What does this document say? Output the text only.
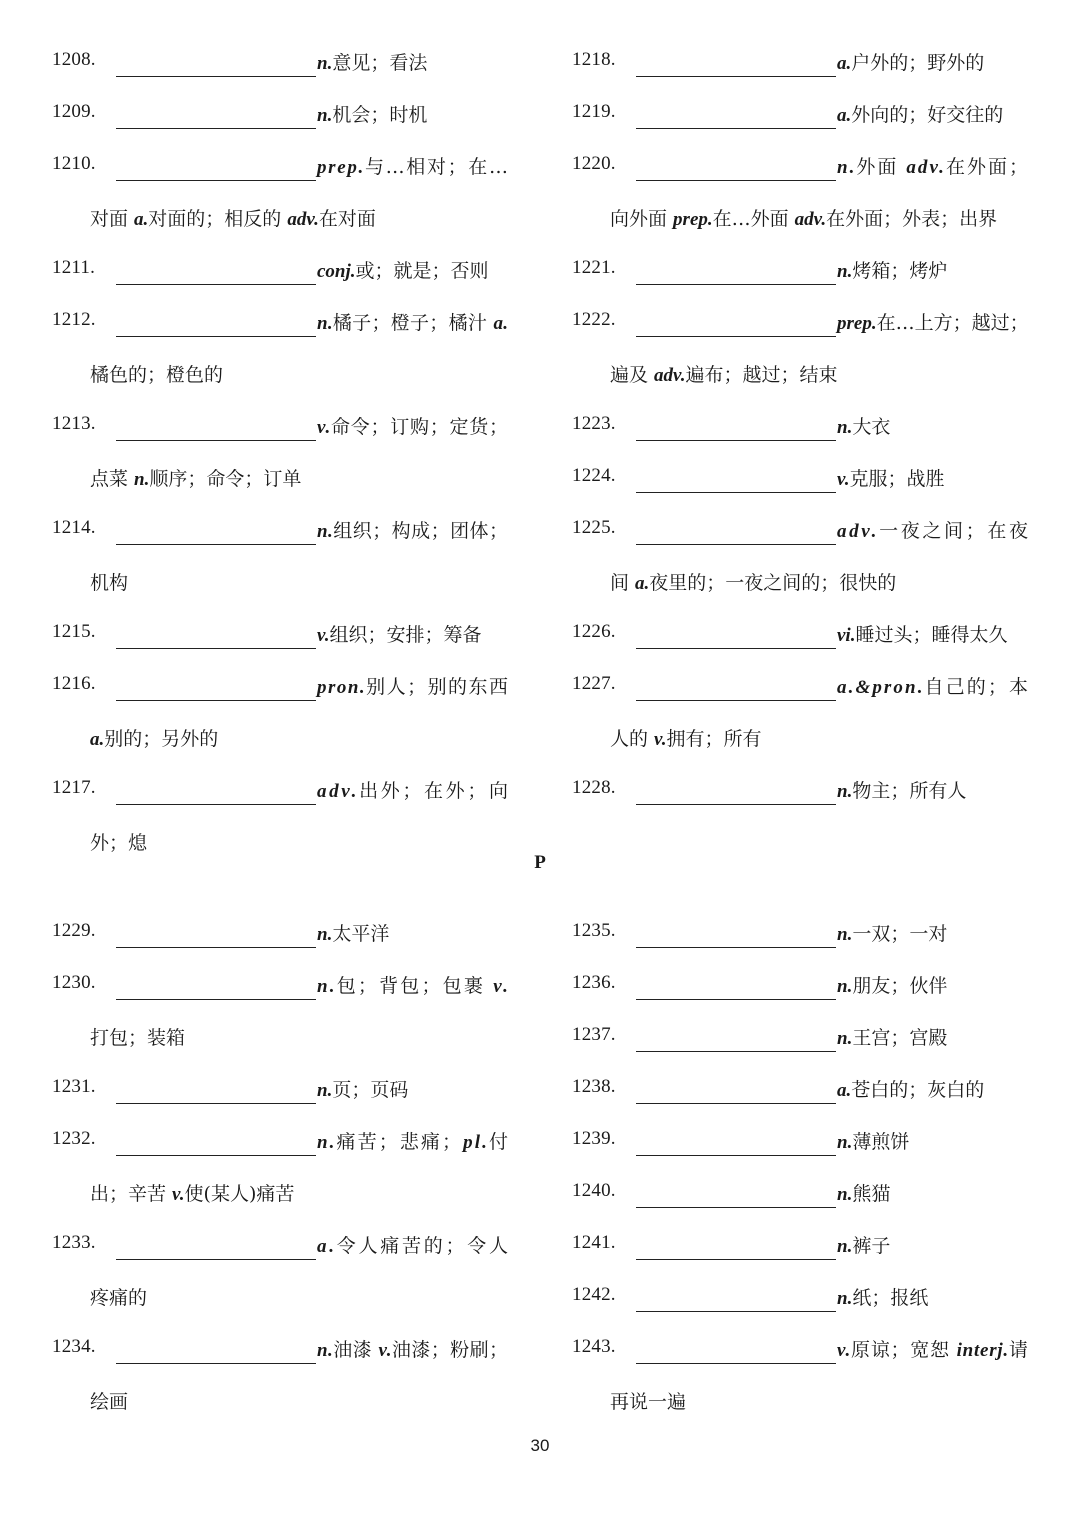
1208.	n.意见；看法
1209.	n.机会；时机
1210.	prep.与…相对；在…
对面 a.对面的；相反的 adv.在对面
1211.	conj.或；就是；否则
1212.	n.橘子；橙子；橘汁 a.
橘色的；橙色的
1213.	v.命令；订购；定货；
点菜 n.顺序；命令；订单
1214.	n.组织；构成；团体；
机构
1215.	v.组织；安排；筹备
1216.	pron.别人；别的东西
a.别的；另外的
1217.	adv.出外；在外；向
外；熄
1218.	a.户外的；野外的
1219.	a.外向的；好交往的
1220.	n.外面 adv.在外面；
向外面 prep.在…外面 adv.在外面；外表；出界
1221.	n.烤箱；烤炉
1222.	prep.在…上方；越过；
遍及 adv.遍布；越过；结束
1223.	n.大衣
1224.	v.克服；战胜
1225.	adv.一夜之间；在夜
间 a.夜里的；一夜之间的；很快的
1226.	vi.睡过头；睡得太久
1227.	a.&pron.自己的；本
人的 v.拥有；所有
1228.	n.物主；所有人
P
1229.	n.太平洋
1230.	n.包；背包；包裹 v.
打包；装箱
1231.	n.页；页码
1232.	n.痛苦；悲痛；pl.付
出；辛苦 v.使(某人)痛苦
1233.	a.令人痛苦的；令人
疼痛的
1234.	n.油漆 v.油漆；粉刷；
绘画
1235.	n.一双；一对
1236.	n.朋友；伙伴
1237.	n.王宫；宫殿
1238.	a.苍白的；灰白的
1239.	n.薄煎饼
1240.	n.熊猫
1241.	n.裤子
1242.	n.纸；报纸
1243.	v.原谅；宽恕 interj.请
再说一遍
30
